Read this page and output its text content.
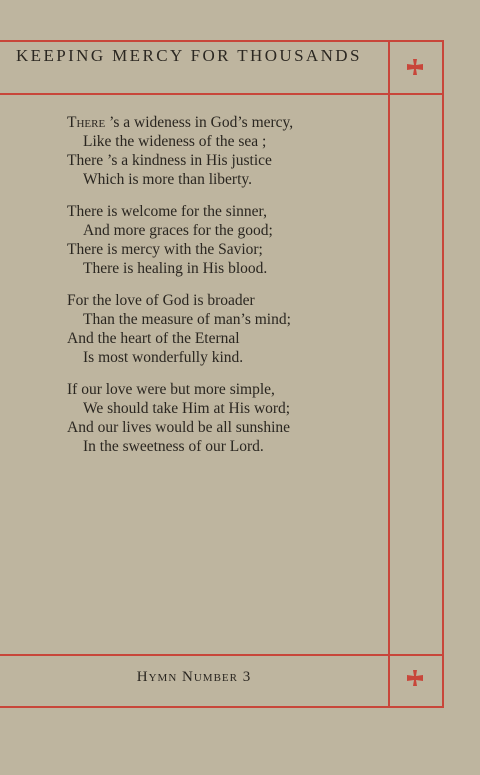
KEEPING MERCY FOR THOUSANDS
There ’s a wideness in God’s mercy,
Like the wideness of the sea ;
There ’s a kindness in His justice
Which is more than liberty.
There is welcome for the sinner,
And more graces for the good;
There is mercy with the Savior;
There is healing in His blood.
For the love of God is broader
Than the measure of man’s mind;
And the heart of the Eternal
Is most wonderfully kind.
If our love were but more simple,
We should take Him at His word;
And our lives would be all sunshine
In the sweetness of our Lord.
Hymn Number 3
